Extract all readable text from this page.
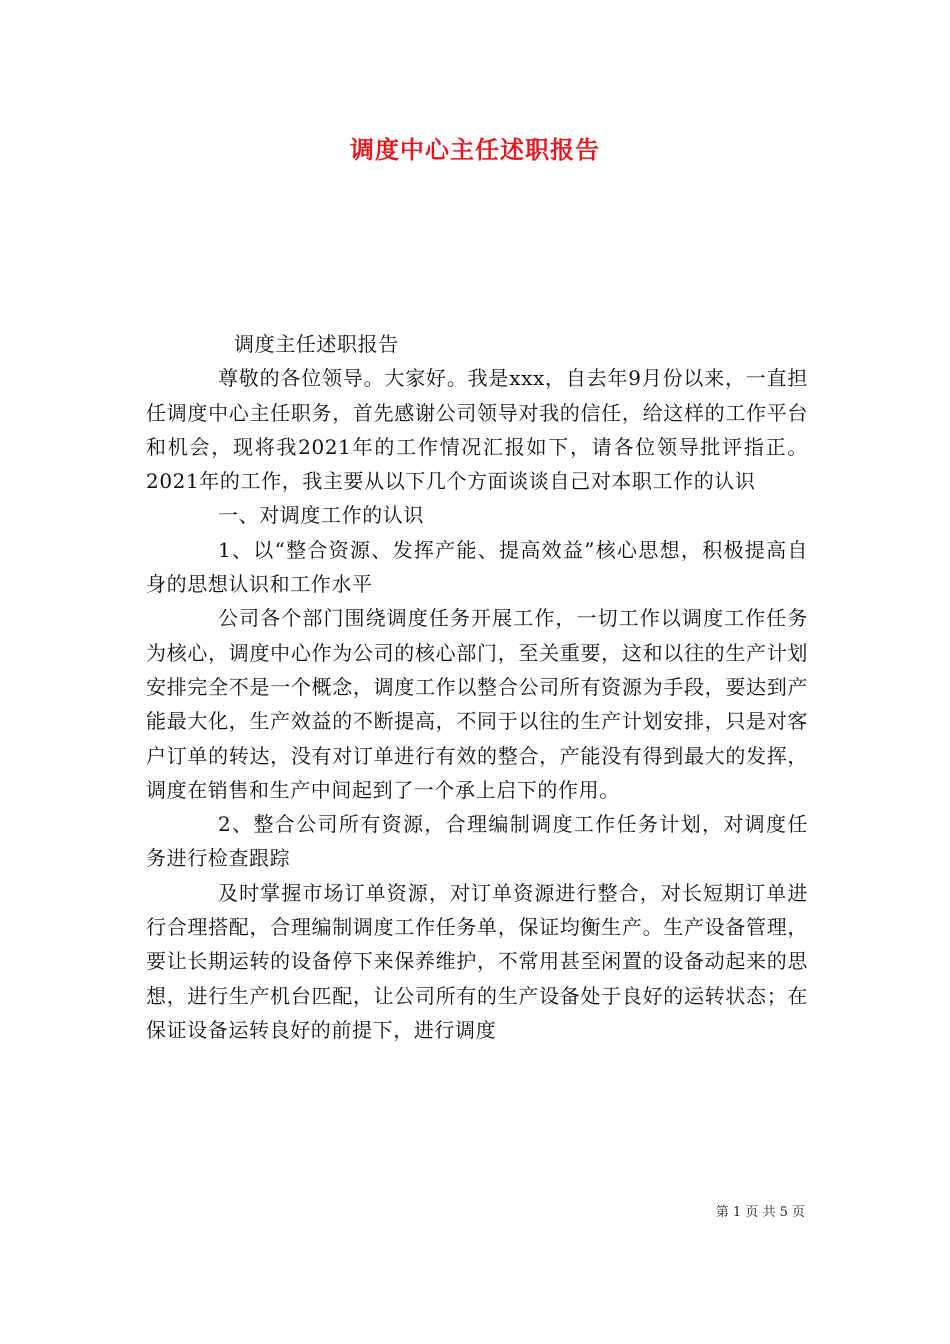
调度中心主任述职报告

调度主任述职报告

尊敬的各位领导。大家好。我是xxx，自去年9月份以来，一直担任调度中心主任职务，首先感谢公司领导对我的信任，给这样的工作平台和机会，现将我2021年的工作情况汇报如下，请各位领导批评指正。2021年的工作，我主要从以下几个方面谈谈自己对本职工作的认识

一、对调度工作的认识

1、以“整合资源、发挥产能、提高效益”核心思想，积极提高自身的思想认识和工作水平

公司各个部门围绕调度任务开展工作，一切工作以调度工作任务为核心，调度中心作为公司的核心部门，至关重要，这和以往的生产计划安排完全不是一个概念，调度工作以整合公司所有资源为手段，要达到产能最大化，生产效益的不断提高，不同于以往的生产计划安排，只是对客户订单的转达，没有对订单进行有效的整合，产能没有得到最大的发挥，调度在销售和生产中间起到了一个承上启下的作用。

2、整合公司所有资源，合理编制调度工作任务计划，对调度任务进行检查跟踪

及时掌握市场订单资源，对订单资源进行整合，对长短期订单进行合理搭配，合理编制调度工作任务单，保证均衡生产。生产设备管理，要让长期运转的设备停下来保养维护，不常用甚至闲置的设备动起来的思想，进行生产机台匹配，让公司所有的生产设备处于良好的运转状态；在保证设备运转良好的前提下，进行调度

第 1 页 共 5 页
